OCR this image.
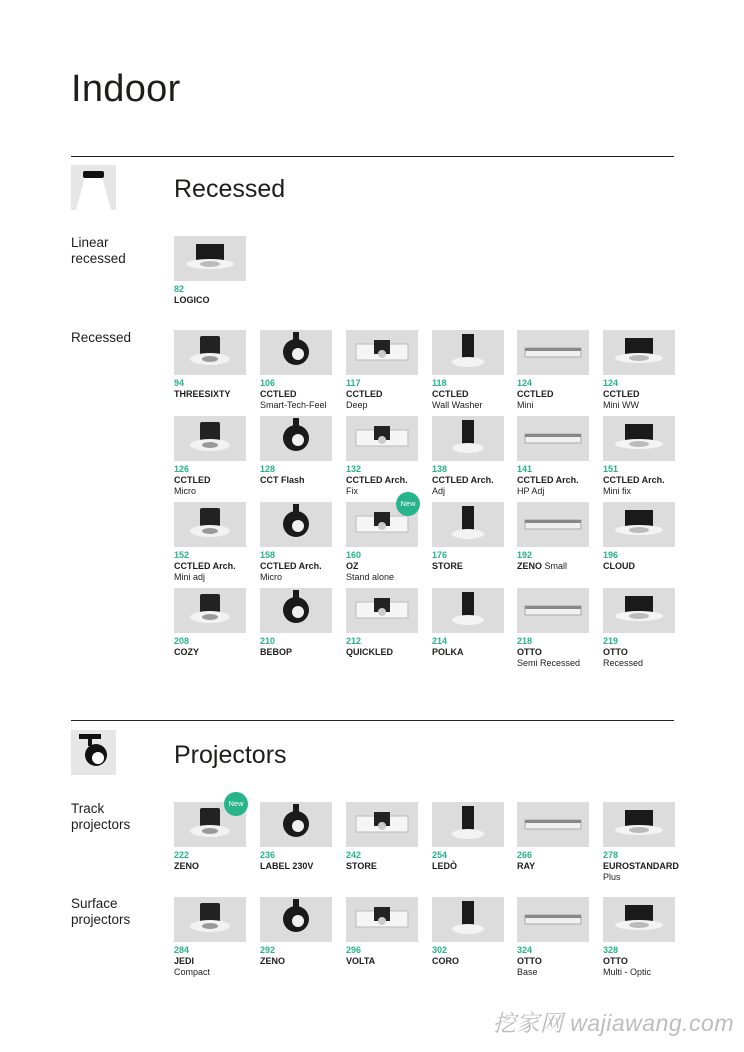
Indoor
Recessed
Linear
recessed
Recessed
Projectors
Track
projectors
Surface
projectors
82
LOGICO
94
THREESIXTY
106
CCTLED
Smart-Tech-Feel
117
CCTLED
Deep
118
CCTLED
Wall Washer
124
CCTLED
Mini
124
CCTLED
Mini WW
126
CCTLED
Micro
128
CCT Flash
132
CCTLED Arch.
Fix
138
CCTLED Arch.
Adj
141
CCTLED Arch.
HP Adj
151
CCTLED Arch.
Mini fix
152
CCTLED Arch.
Mini adj
158
CCTLED Arch.
Micro
160
OZ
Stand alone
New
176
STORE
192
ZENO Small
196
CLOUD
208
COZY
210
BEBOP
212
QUICKLED
214
POLKA
218
OTTO
Semi Recessed
219
OTTO
Recessed
222
ZENO
New
236
LABEL 230V
242
STORE
254
LEDÒ
266
RAY
278
EUROSTANDARD
Plus
284
JEDI
Compact
292
ZENO
296
VOLTA
302
CORO
324
OTTO
Base
328
OTTO
Multi - Optic
挖家网 wajiawang.com
